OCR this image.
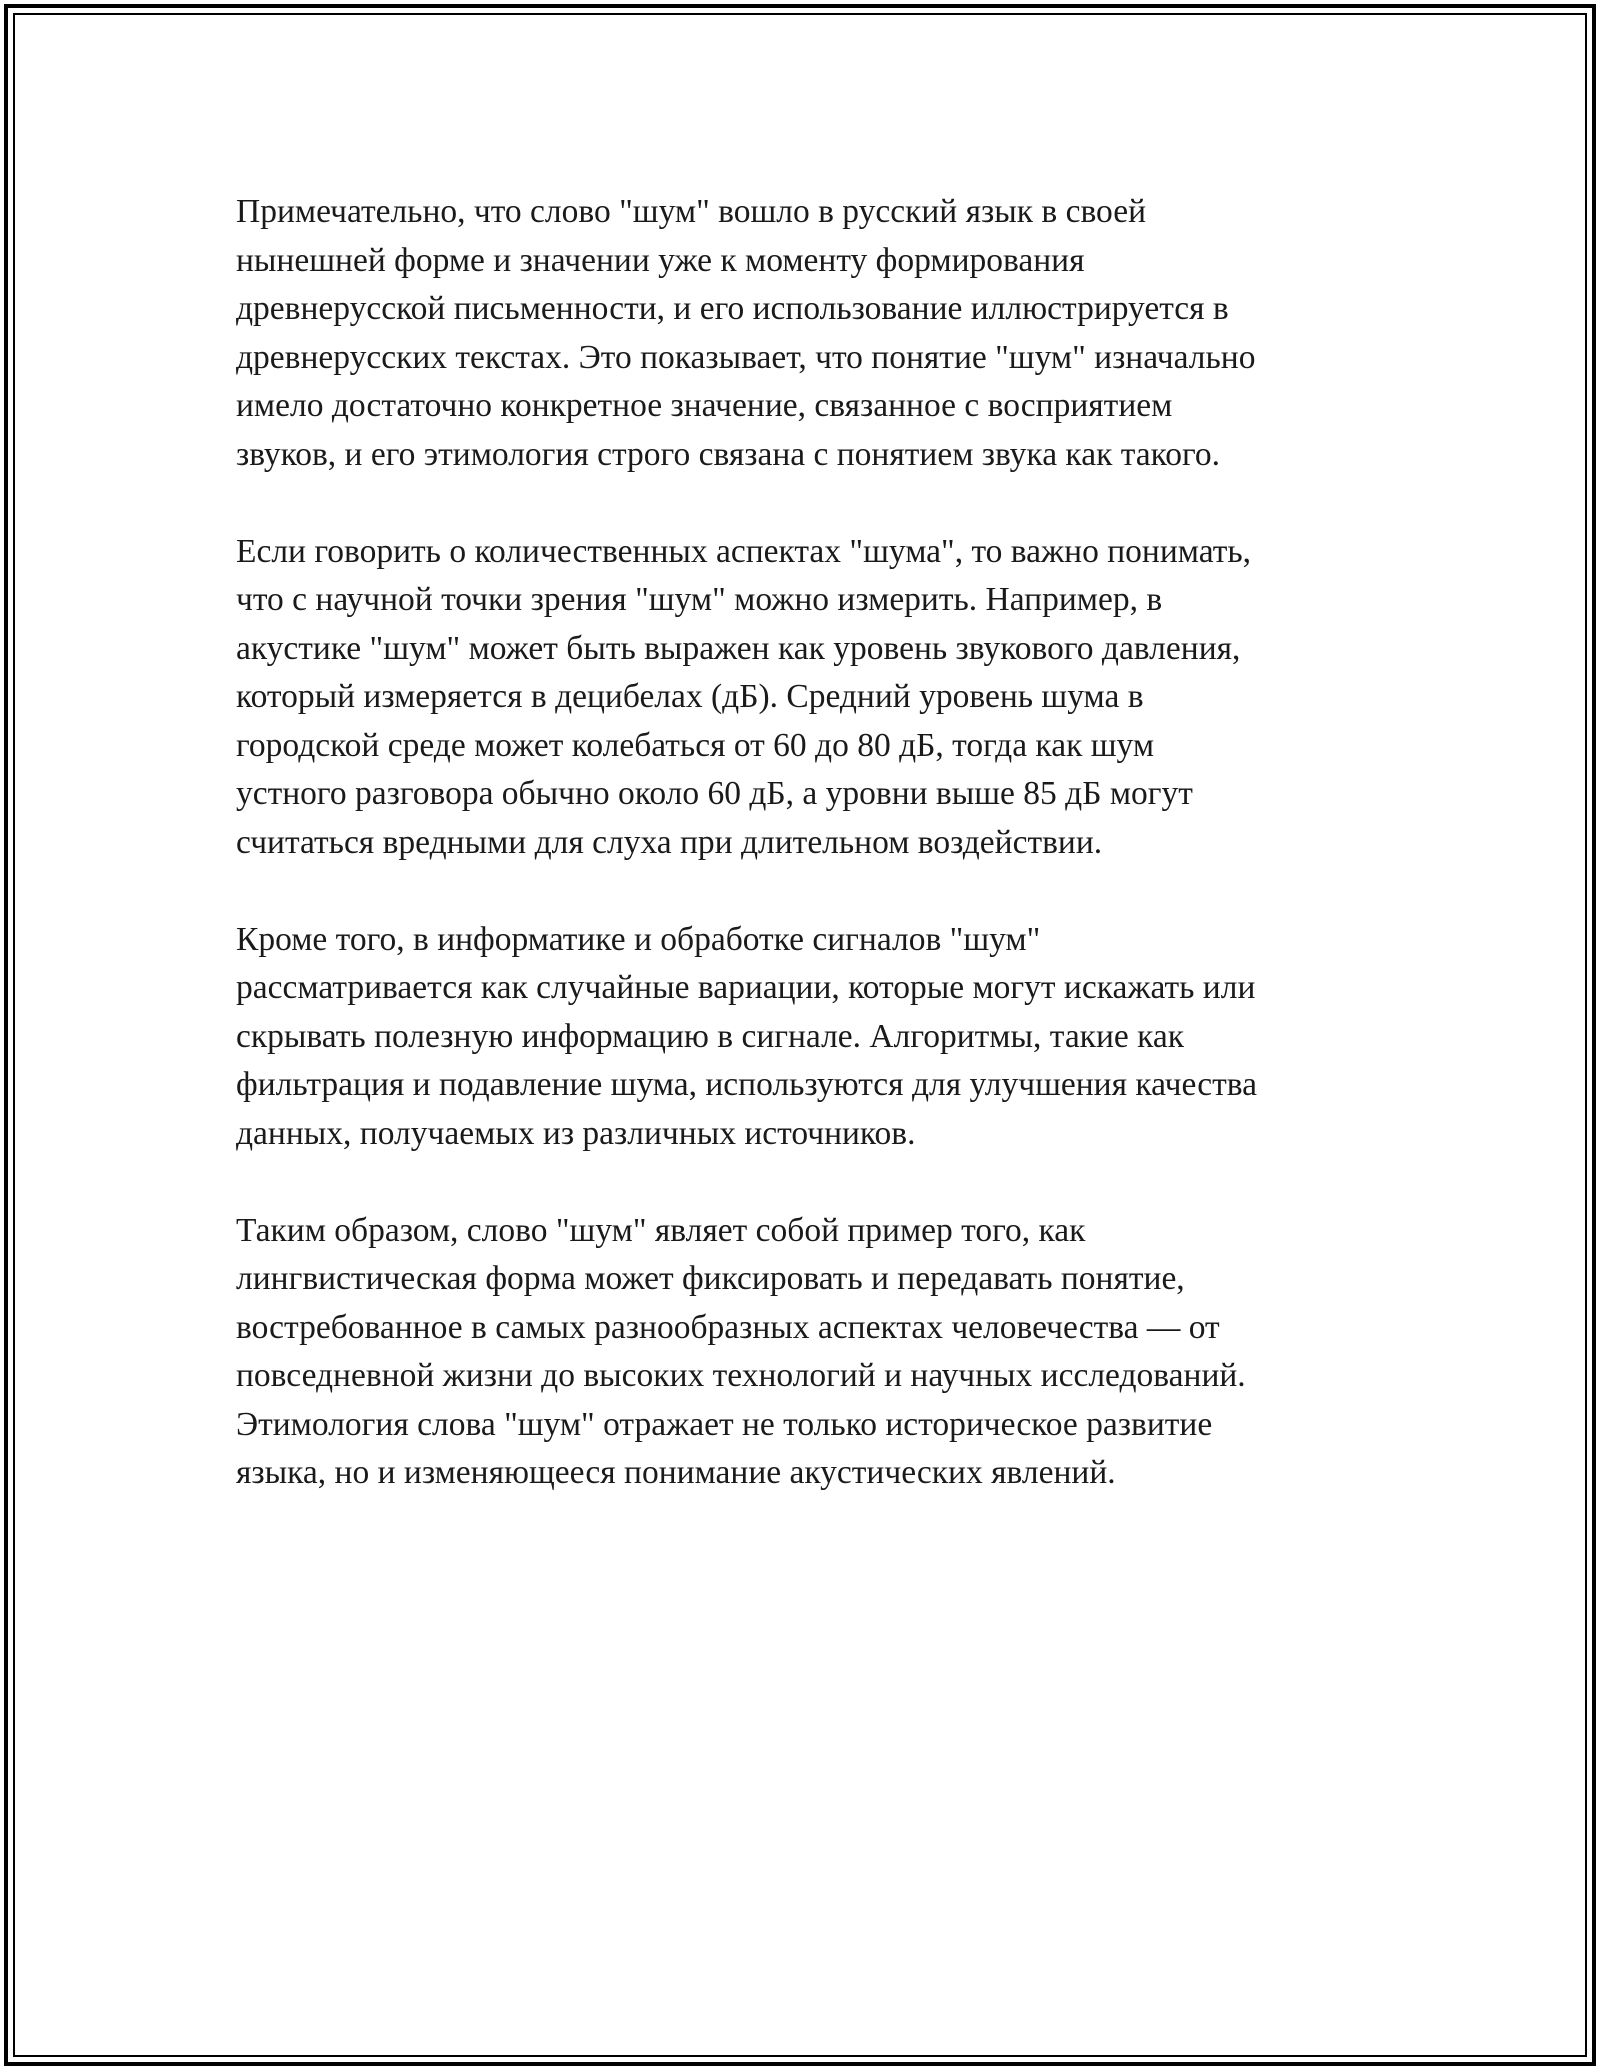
Примечательно, что слово "шум" вошло в русский язык в своей
нынешней форме и значении уже к моменту формирования
древнерусской письменности, и его использование иллюстрируется в
древнерусских текстах. Это показывает, что понятие "шум" изначально
имело достаточно конкретное значение, связанное с восприятием
звуков, и его этимология строго связана с понятием звука как такого.

Если говорить о количественных аспектах "шума", то важно понимать,
что с научной точки зрения "шум" можно измерить. Например, в
акустике "шум" может быть выражен как уровень звукового давления,
который измеряется в децибелах (дБ). Средний уровень шума в
городской среде может колебаться от 60 до 80 дБ, тогда как шум
устного разговора обычно около 60 дБ, а уровни выше 85 дБ могут
считаться вредными для слуха при длительном воздействии.

Кроме того, в информатике и обработке сигналов "шум"
рассматривается как случайные вариации, которые могут искажать или
скрывать полезную информацию в сигнале. Алгоритмы, такие как
фильтрация и подавление шума, используются для улучшения качества
данных, получаемых из различных источников.

Таким образом, слово "шум" являет собой пример того, как
лингвистическая форма может фиксировать и передавать понятие,
востребованное в самых разнообразных аспектах человечества — от
повседневной жизни до высоких технологий и научных исследований.
Этимология слова "шум" отражает не только историческое развитие
языка, но и изменяющееся понимание акустических явлений.
